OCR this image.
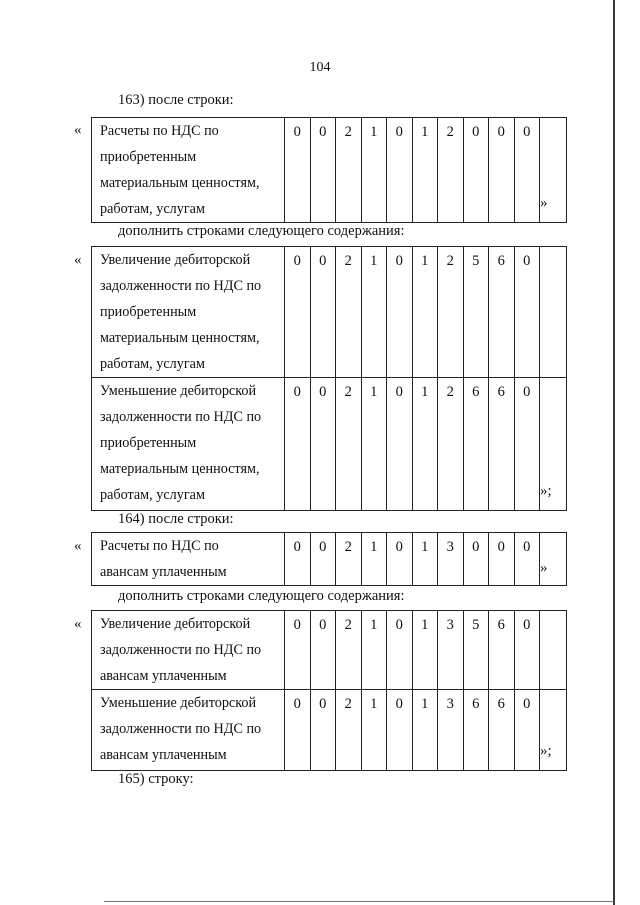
104
163) после строки:
« Расчеты по НДС по
приобретенным
материальным ценностям,
работам, услугам
	0	0	2	1	0	1	2	0	0	0	
»
дополнить строками следующего содержания:
« Увеличение дебиторской
задолженности по НДС по
приобретенным
материальным ценностям,
работам, услугам	0	0	2	1	0	1	2	5	6	0	

Уменьшение дебиторской
задолженности по НДС по
приобретенным
материальным ценностям,
работам, услугам	0	0	2	1	0	1	2	6	6	0	
»;
164) после строки:
« Расчеты по НДС по
авансам уплаченным
	0	0	2	1	0	1	3	0	0	0	
»
дополнить строками следующего содержания:
« Увеличение дебиторской
задолженности по НДС по
авансам уплаченным	0	0	2	1	0	1	3	5	6	0	

Уменьшение дебиторской
задолженности по НДС по
авансам уплаченным	0	0	2	1	0	1	3	6	6	0	
»;
165) строку:
